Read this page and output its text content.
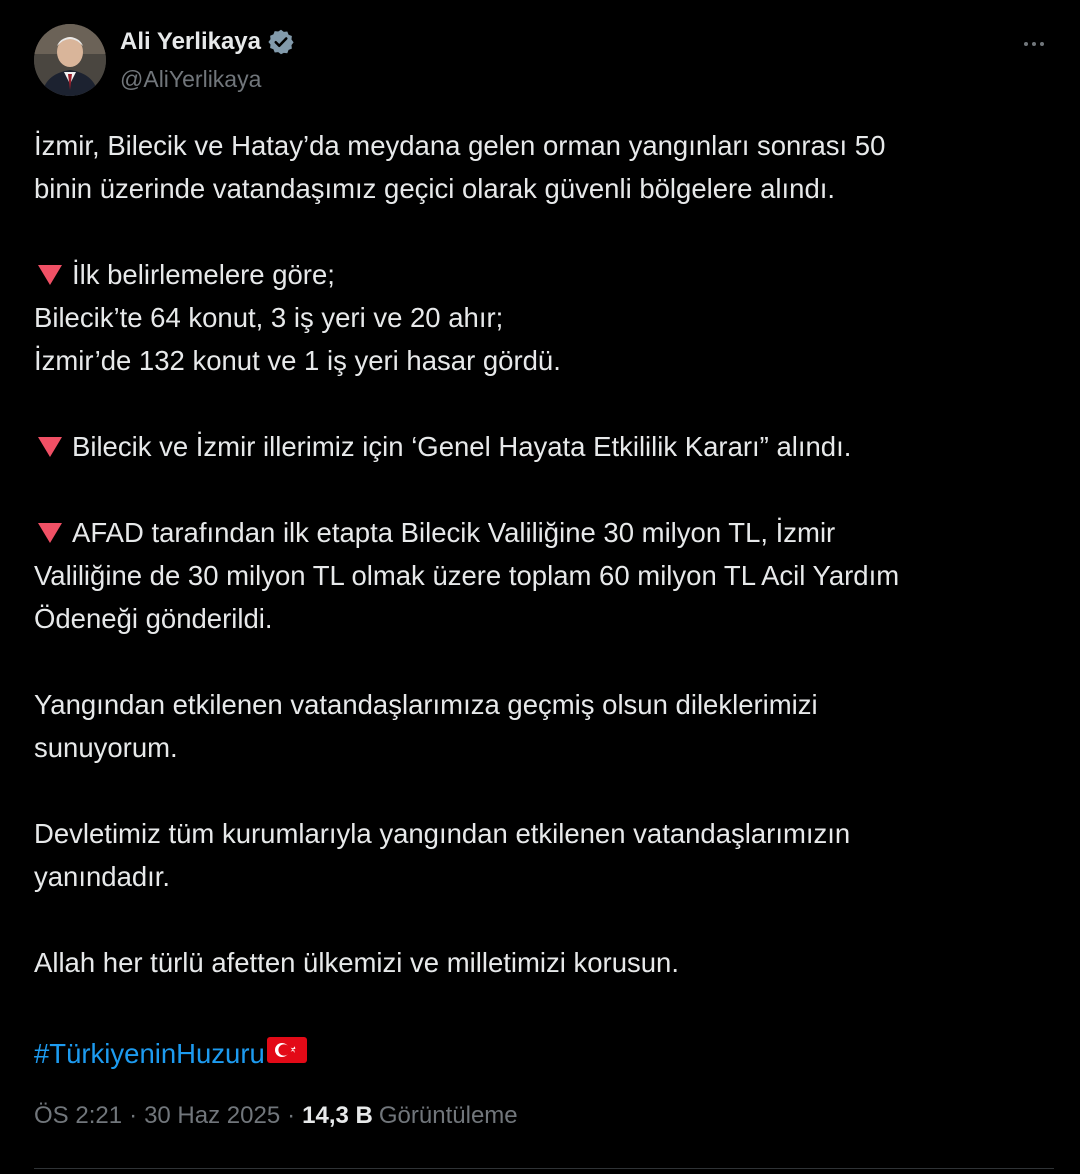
Ali Yerlikaya
@AliYerlikaya
İzmir, Bilecik ve Hatay’da meydana gelen orman yangınları sonrası 50
binin üzerinde vatandaşımız geçici olarak güvenli bölgelere alındı.
İlk belirlemelere göre;
Bilecik’te 64 konut, 3 iş yeri ve 20 ahır;
İzmir’de 132 konut ve 1 iş yeri hasar gördü.
Bilecik ve İzmir illerimiz için ‘Genel Hayata Etkililik Kararı” alındı.
AFAD tarafından ilk etapta Bilecik Valiliğine 30 milyon TL, İzmir
Valiliğine de 30 milyon TL olmak üzere toplam 60 milyon TL Acil Yardım
Ödeneği gönderildi.
Yangından etkilenen vatandaşlarımıza geçmiş olsun dileklerimizi
sunuyorum.
Devletimiz tüm kurumlarıyla yangından etkilenen vatandaşlarımızın
yanındadır.
Allah her türlü afetten ülkemizi ve milletimizi korusun.
#TürkiyeninHuzuru
ÖS 2:21 · 30 Haz 2025 · 14,3 B Görüntüleme
